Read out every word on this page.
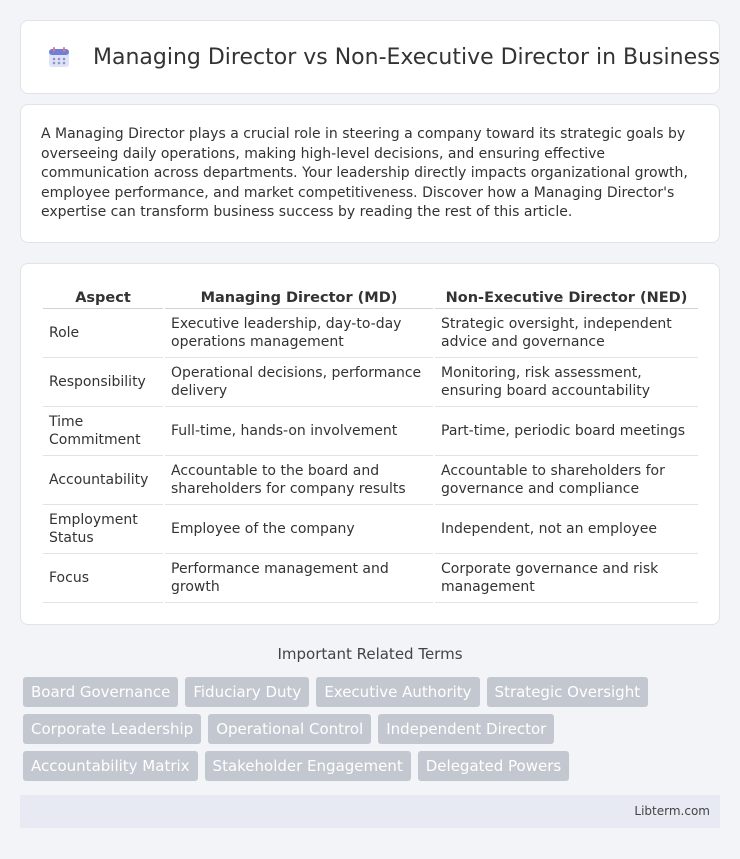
Managing Director vs Non-Executive Director in Business

A Managing Director plays a crucial role in steering a company toward its strategic goals by overseeing daily operations, making high-level decisions, and ensuring effective communication across departments. Your leadership directly impacts organizational growth, employee performance, and market competitiveness. Discover how a Managing Director's expertise can transform business success by reading the rest of this article.

Aspect	Managing Director (MD)	Non-Executive Director (NED)
Role	Executive leadership, day-to-day operations management	Strategic oversight, independent advice and governance
Responsibility	Operational decisions, performance delivery	Monitoring, risk assessment, ensuring board accountability
Time Commitment	Full-time, hands-on involvement	Part-time, periodic board meetings
Accountability	Accountable to the board and shareholders for company results	Accountable to shareholders for governance and compliance
Employment Status	Employee of the company	Independent, not an employee
Focus	Performance management and growth	Corporate governance and risk management
Important Related Terms
Board Governance	Fiduciary Duty	Executive Authority	Strategic Oversight
Corporate Leadership	Operational Control	Independent Director
Accountability Matrix	Stakeholder Engagement	Delegated Powers
Libterm.com
